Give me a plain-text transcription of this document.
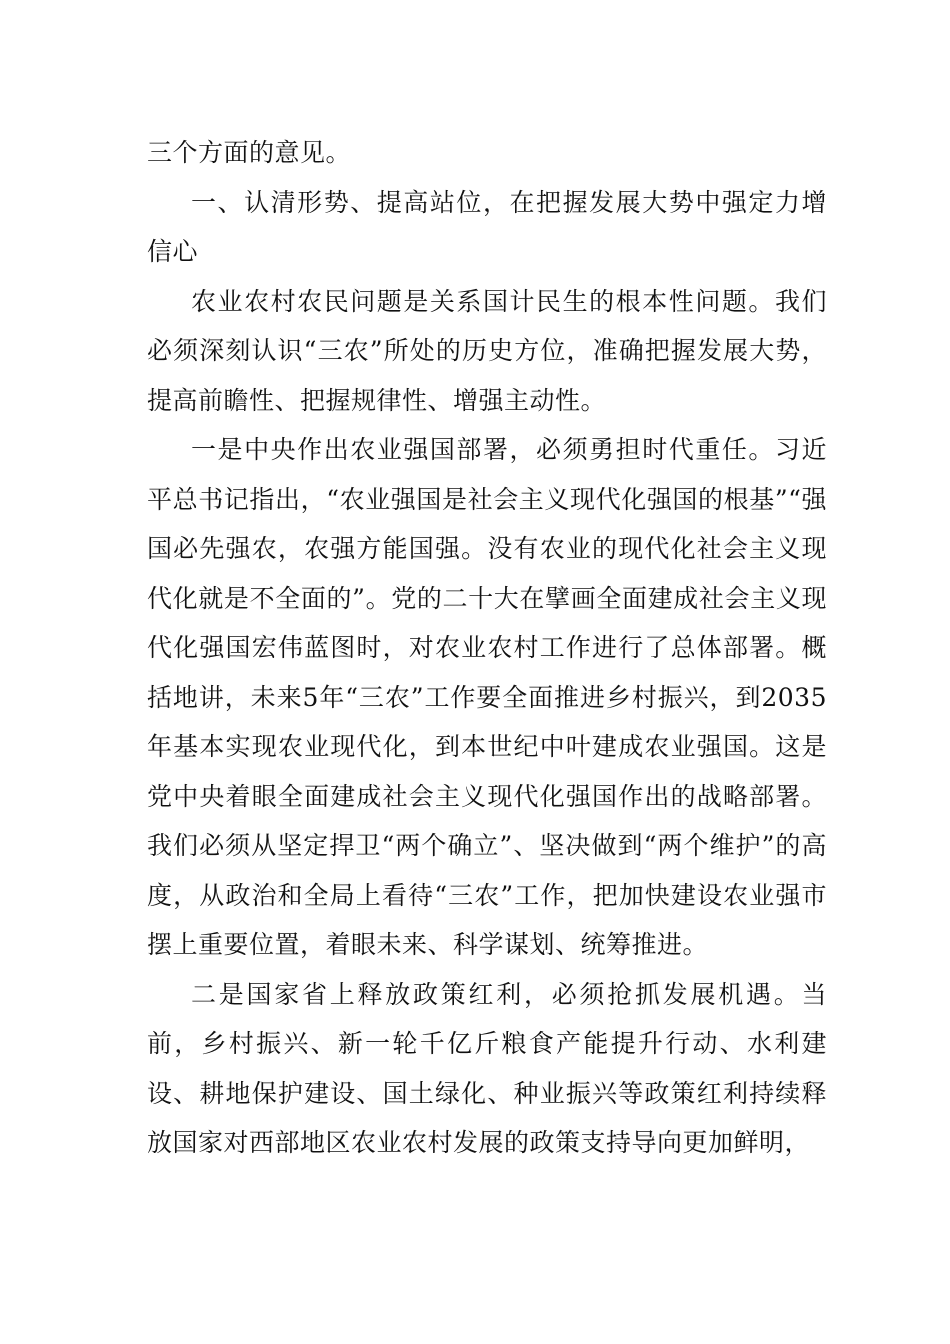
三个方面的意见。

一、认清形势、提高站位，在把握发展大势中强定力增信心

农业农村农民问题是关系国计民生的根本性问题。我们必须深刻认识“三农”所处的历史方位，准确把握发展大势，提高前瞻性、把握规律性、增强主动性。

一是中央作出农业强国部署，必须勇担时代重任。习近平总书记指出，“农业强国是社会主义现代化强国的根基”“强国必先强农，农强方能国强。没有农业的现代化社会主义现代化就是不全面的”。党的二十大在擘画全面建成社会主义现代化强国宏伟蓝图时，对农业农村工作进行了总体部署。概括地讲，未来5年“三农”工作要全面推进乡村振兴，到2035年基本实现农业现代化，到本世纪中叶建成农业强国。这是党中央着眼全面建成社会主义现代化强国作出的战略部署。我们必须从坚定捍卫“两个确立”、坚决做到“两个维护”的高度，从政治和全局上看待“三农”工作，把加快建设农业强市摆上重要位置，着眼未来、科学谋划、统筹推进。

二是国家省上释放政策红利，必须抢抓发展机遇。当前，乡村振兴、新一轮千亿斤粮食产能提升行动、水利建设、耕地保护建设、国土绿化、种业振兴等政策红利持续释放国家对西部地区农业农村发展的政策支持导向更加鲜明，
